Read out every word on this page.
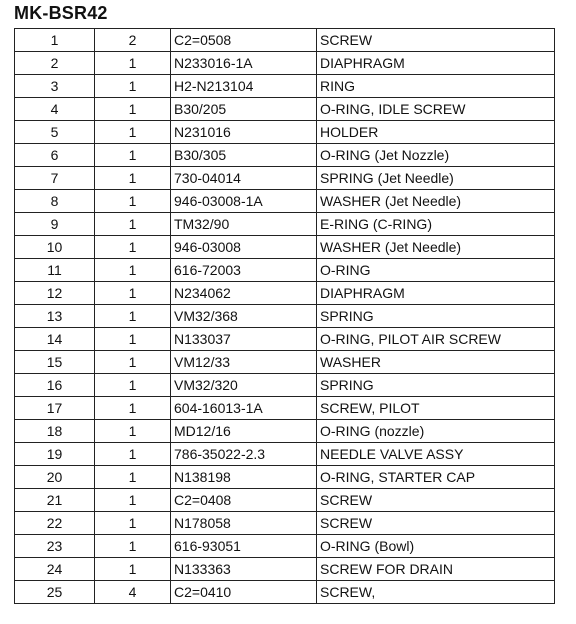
MK-BSR42
1	2	C2=0508	SCREW
2	1	N233016-1A	DIAPHRAGM
3	1	H2-N213104	RING
4	1	B30/205	O-RING, IDLE SCREW
5	1	N231016	HOLDER
6	1	B30/305	O-RING (Jet Nozzle)
7	1	730-04014	SPRING (Jet Needle)
8	1	946-03008-1A	WASHER (Jet Needle)
9	1	TM32/90	E-RING (C-RING)
10	1	946-03008	WASHER (Jet Needle)
11	1	616-72003	O-RING
12	1	N234062	DIAPHRAGM
13	1	VM32/368	SPRING
14	1	N133037	O-RING, PILOT AIR SCREW
15	1	VM12/33	WASHER
16	1	VM32/320	SPRING
17	1	604-16013-1A	SCREW, PILOT
18	1	MD12/16	O-RING (nozzle)
19	1	786-35022-2.3	NEEDLE VALVE ASSY
20	1	N138198	O-RING, STARTER CAP
21	1	C2=0408	SCREW
22	1	N178058	SCREW
23	1	616-93051	O-RING (Bowl)
24	1	N133363	SCREW FOR DRAIN
25	4	C2=0410	SCREW,
